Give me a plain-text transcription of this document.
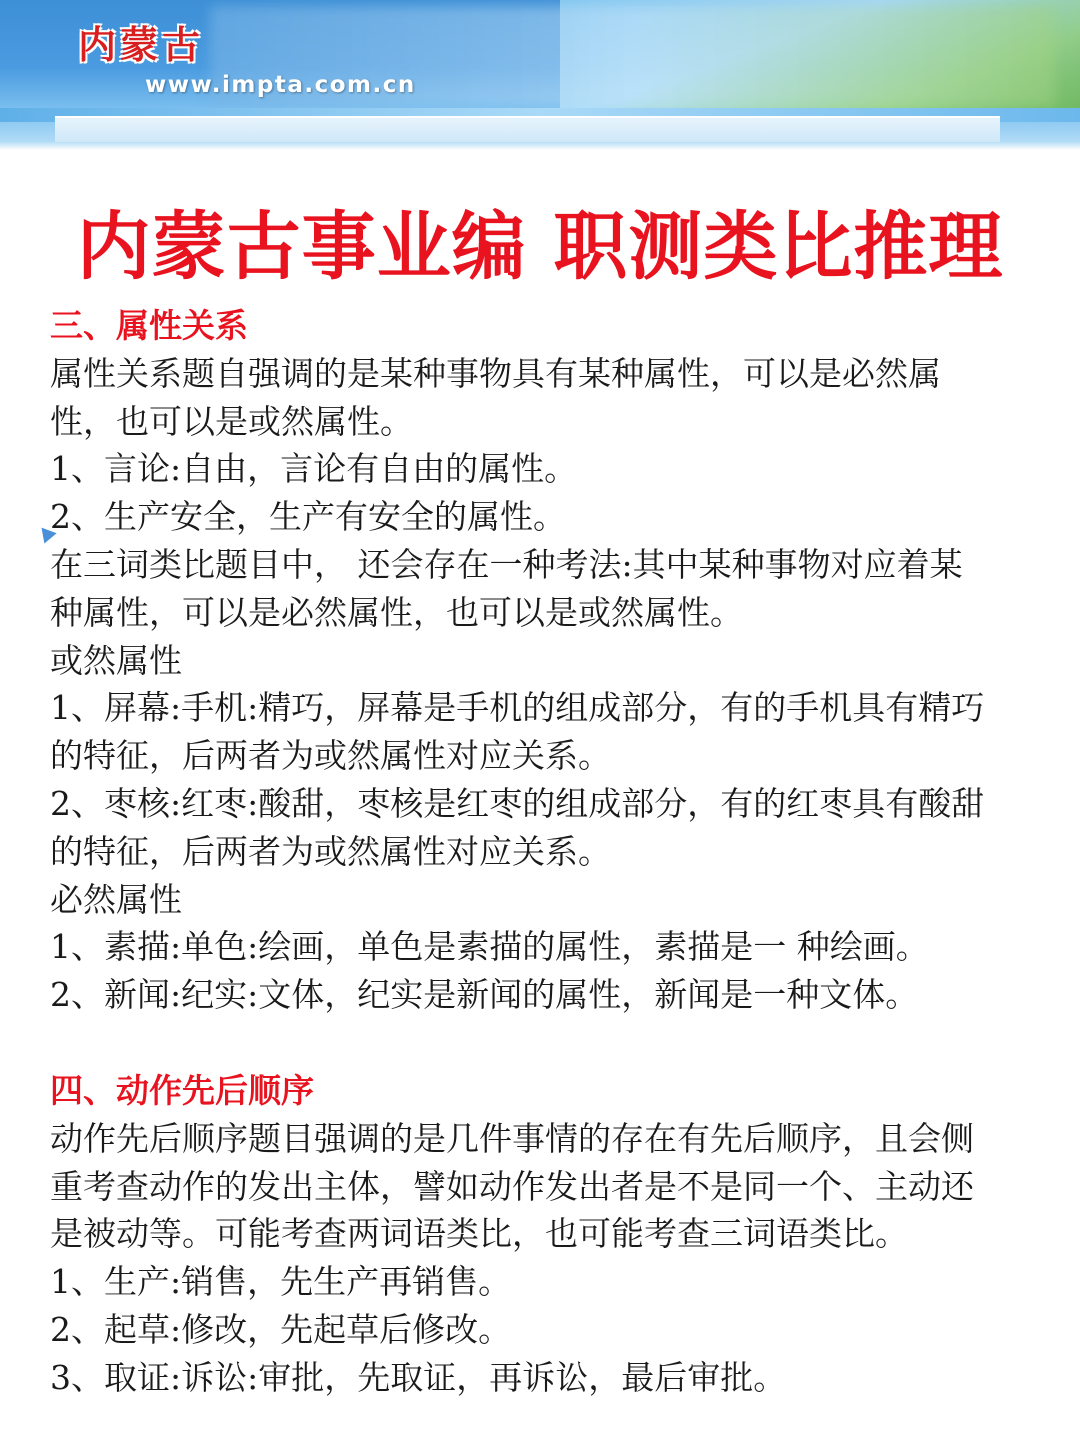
内蒙古
www.impta.com.cn
内蒙古事业编 职测类比推理

三、属性关系

属性关系题自强调的是某种事物具有某种属性，可以是必然属

性，也可以是或然属性。

1、言论:自由，言论有自由的属性。

2、生产安全，生产有安全的属性。

在三词类比题目中， 还会存在一种考法:其中某种事物对应着某

种属性，可以是必然属性，也可以是或然属性。

或然属性

1、屏幕:手机:精巧，屏幕是手机的组成部分，有的手机具有精巧

的特征，后两者为或然属性对应关系。

2、枣核:红枣:酸甜，枣核是红枣的组成部分，有的红枣具有酸甜

的特征，后两者为或然属性对应关系。

必然属性

1、素描:单色:绘画，单色是素描的属性，素描是一 种绘画。

2、新闻:纪实:文体，纪实是新闻的属性，新闻是一种文体。

四、动作先后顺序

动作先后顺序题目强调的是几件事情的存在有先后顺序，且会侧

重考查动作的发出主体，譬如动作发出者是不是同一个、主动还

是被动等。可能考查两词语类比，也可能考查三词语类比。

1、生产:销售，先生产再销售。

2、起草:修改，先起草后修改。

3、取证:诉讼:审批，先取证，再诉讼，最后审批。
